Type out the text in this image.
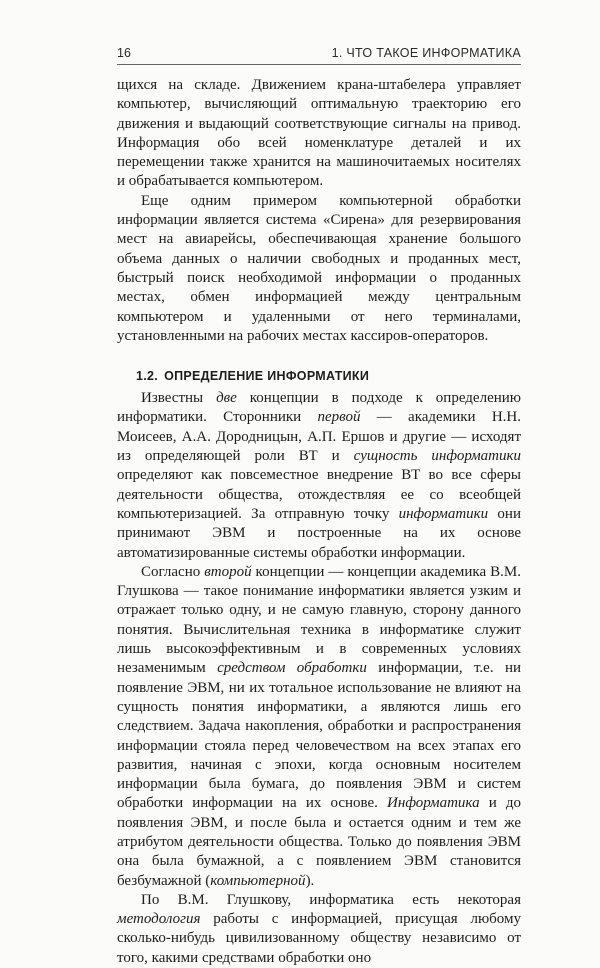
16	1. ЧТО ТАКОЕ ИНФОРМАТИКА

щихся на складе. Движением крана-штабелера управляет компьютер, вычисляющий оптимальную траекторию его движения и выдающий соответствующие сигналы на привод. Информация обо всей номенклатуре деталей и их перемещении также хранится на машиночитаемых носителях и обрабатывается компьютером.

Еще одним примером компьютерной обработки информации является система «Сирена» для резервирования мест на авиарейсы, обеспечивающая хранение большого объема данных о наличии свободных и проданных мест, быстрый поиск необходимой информации о проданных местах, обмен информацией между центральным компьютером и удаленными от него терминалами, установленными на рабочих местах кассиров-операторов.

1.2. ОПРЕДЕЛЕНИЕ ИНФОРМАТИКИ

Известны две концепции в подходе к определению информатики. Сторонники первой — академики Н.Н. Моисеев, А.А. Дородницын, А.П. Ершов и другие — исходят из определяющей роли ВТ и сущность информатики определяют как повсеместное внедрение ВТ во все сферы деятельности общества, отождествляя ее со всеобщей компьютеризацией. За отправную точку информатики они принимают ЭВМ и построенные на их основе автоматизированные системы обработки информации.

Согласно второй концепции — концепции академика В.М. Глушкова — такое понимание информатики является узким и отражает только одну, и не самую главную, сторону данного понятия. Вычислительная техника в информатике служит лишь высокоэффективным и в современных условиях незаменимым средством обработки информации, т.е. ни появление ЭВМ, ни их тотальное использование не влияют на сущность понятия информатики, а являются лишь его следствием. Задача накопления, обработки и распространения информации стояла перед человечеством на всех этапах его развития, начиная с эпохи, когда основным носителем информации была бумага, до появления ЭВМ и систем обработки информации на их основе. Информатика и до появления ЭВМ, и после была и остается одним и тем же атрибутом деятельности общества. Только до появления ЭВМ она была бумажной, а с появлением ЭВМ становится безбумажной (компьютерной).

По В.М. Глушкову, информатика есть некоторая методология работы с информацией, присущая любому сколько-нибудь цивилизованному обществу независимо от того, какими средствами обработки оно
